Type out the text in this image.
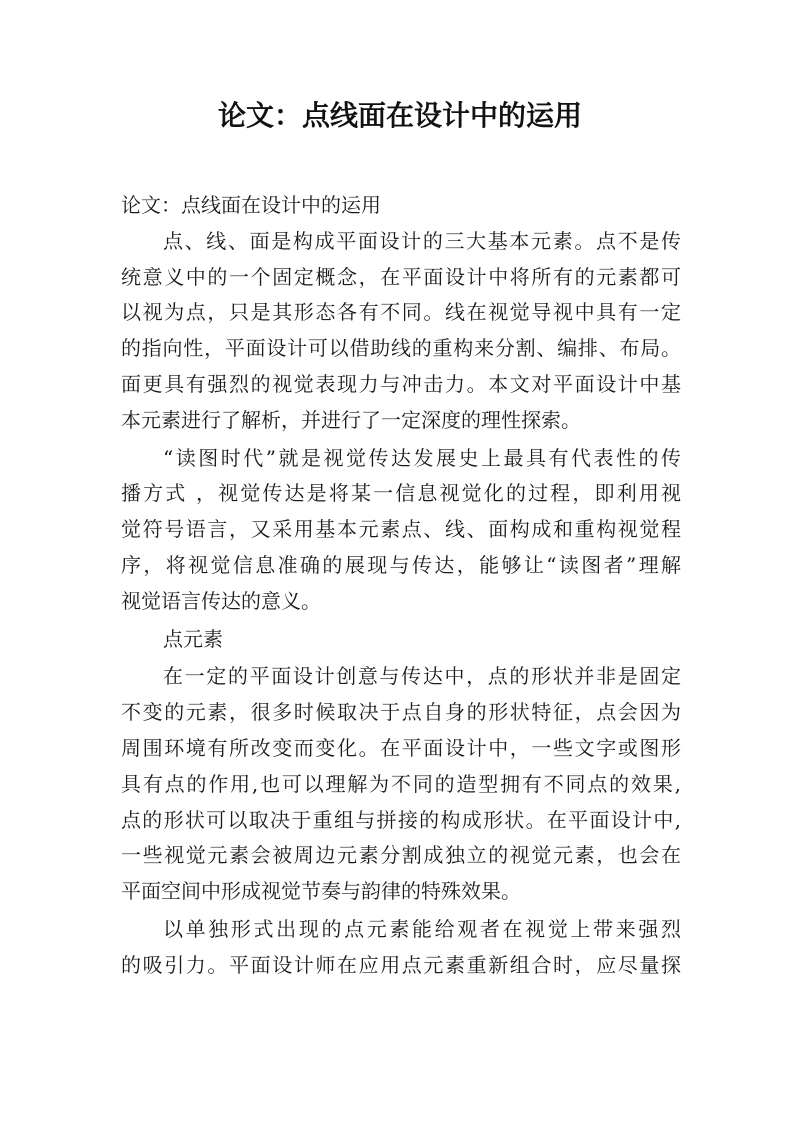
论文：点线面在设计中的运用
论文：点线面在设计中的运用
点、线、面是构成平面设计的三大基本元素。点不是传
统意义中的一个固定概念，在平面设计中将所有的元素都可
以视为点，只是其形态各有不同。线在视觉导视中具有一定
的指向性，平面设计可以借助线的重构来分割、编排、布局。
面更具有强烈的视觉表现力与冲击力。本文对平面设计中基
本元素进行了解析，并进行了一定深度的理性探索。
“读图时代”就是视觉传达发展史上最具有代表性的传
播方式 ，视觉传达是将某一信息视觉化的过程，即利用视
觉符号语言，又采用基本元素点、线、面构成和重构视觉程
序，将视觉信息准确的展现与传达，能够让“读图者”理解
视觉语言传达的意义。
点元素
在一定的平面设计创意与传达中，点的形状并非是固定
不变的元素，很多时候取决于点自身的形状特征，点会因为
周围环境有所改变而变化。在平面设计中，一些文字或图形
具有点的作用,也可以理解为不同的造型拥有不同点的效果,
点的形状可以取决于重组与拼接的构成形状。在平面设计中,
一些视觉元素会被周边元素分割成独立的视觉元素，也会在
平面空间中形成视觉节奏与韵律的特殊效果。
以单独形式出现的点元素能给观者在视觉上带来强烈
的吸引力。平面设计师在应用点元素重新组合时，应尽量探
